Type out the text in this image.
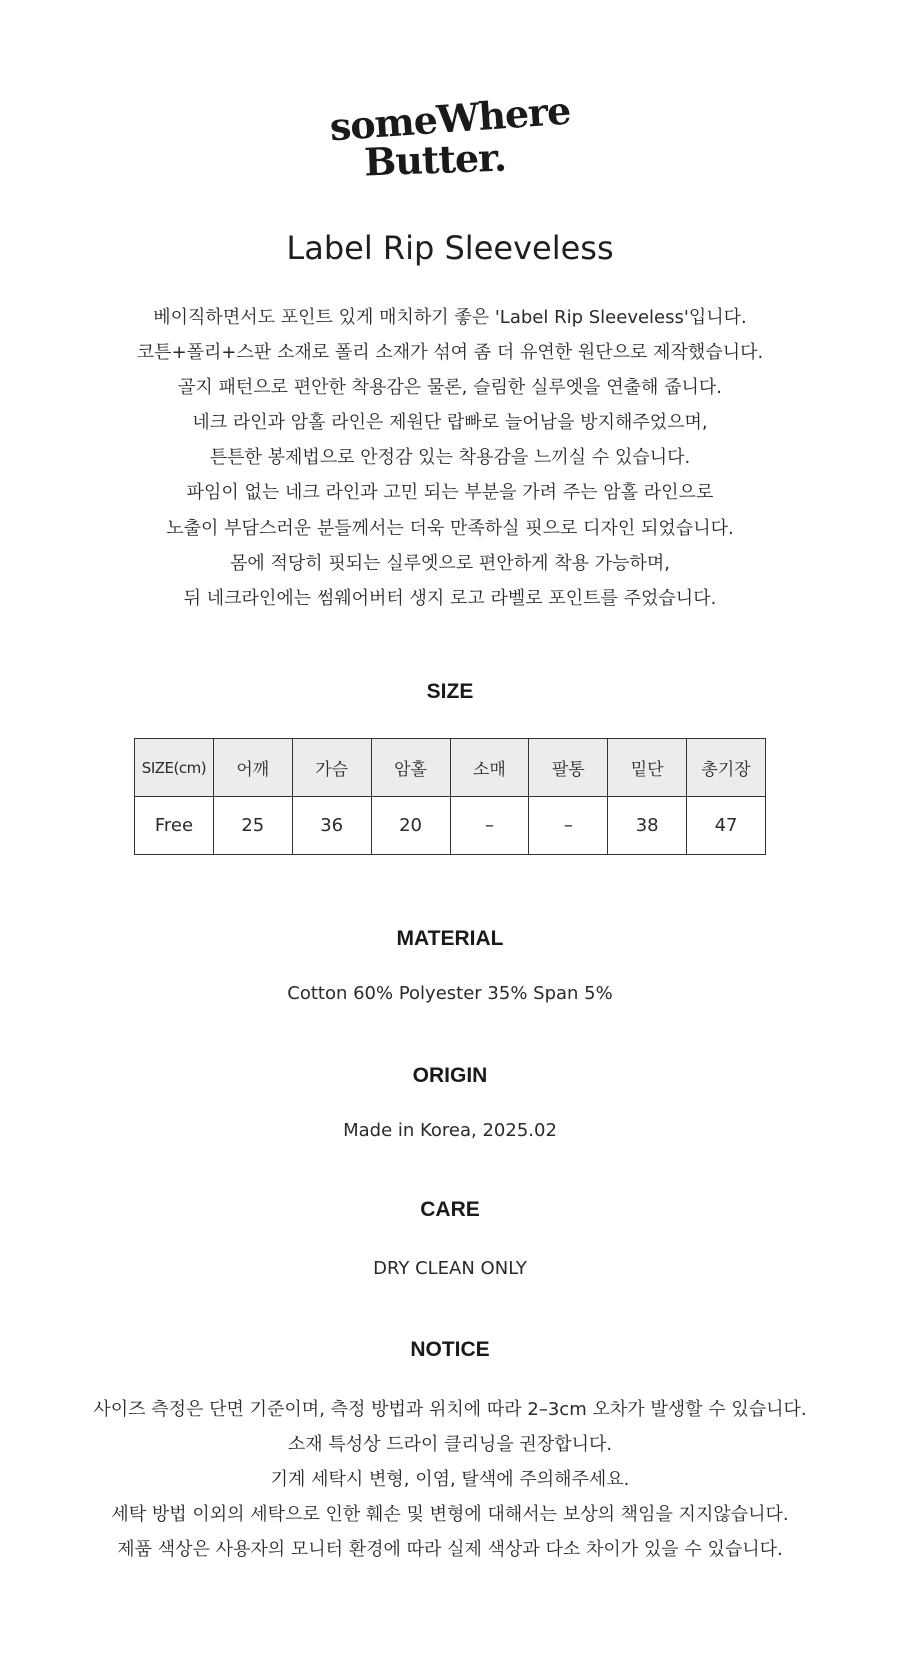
someWhere
Butter.
Label Rip Sleeveless
베이직하면서도 포인트 있게 매치하기 좋은 'Label Rip Sleeveless'입니다.
코튼+폴리+스판 소재로 폴리 소재가 섞여 좀 더 유연한 원단으로 제작했습니다.
골지 패턴으로 편안한 착용감은 물론, 슬림한 실루엣을 연출해 줍니다.
네크 라인과 암홀 라인은 제원단 랍빠로 늘어남을 방지해주었으며,
튼튼한 봉제법으로 안정감 있는 착용감을 느끼실 수 있습니다.
파임이 없는 네크 라인과 고민 되는 부분을 가려 주는 암홀 라인으로
노출이 부담스러운 분들께서는 더욱 만족하실 핏으로 디자인 되었습니다.
몸에 적당히 핏되는 실루엣으로 편안하게 착용 가능하며,
뒤 네크라인에는 썸웨어버터 생지 로고 라벨로 포인트를 주었습니다.
SIZE
SIZE(cm)	어깨	가슴	암홀	소매	팔통	밑단	총기장
Free	25	36	20	–	–	38	47
MATERIAL
Cotton 60% Polyester 35% Span 5%
ORIGIN
Made in Korea, 2025.02
CARE
DRY CLEAN ONLY
NOTICE
사이즈 측정은 단면 기준이며, 측정 방법과 위치에 따라 2–3cm 오차가 발생할 수 있습니다.
소재 특성상 드라이 클리닝을 권장합니다.
기계 세탁시 변형, 이염, 탈색에 주의해주세요.
세탁 방법 이외의 세탁으로 인한 훼손 및 변형에 대해서는 보상의 책임을 지지않습니다.
제품 색상은 사용자의 모니터 환경에 따라 실제 색상과 다소 차이가 있을 수 있습니다.
